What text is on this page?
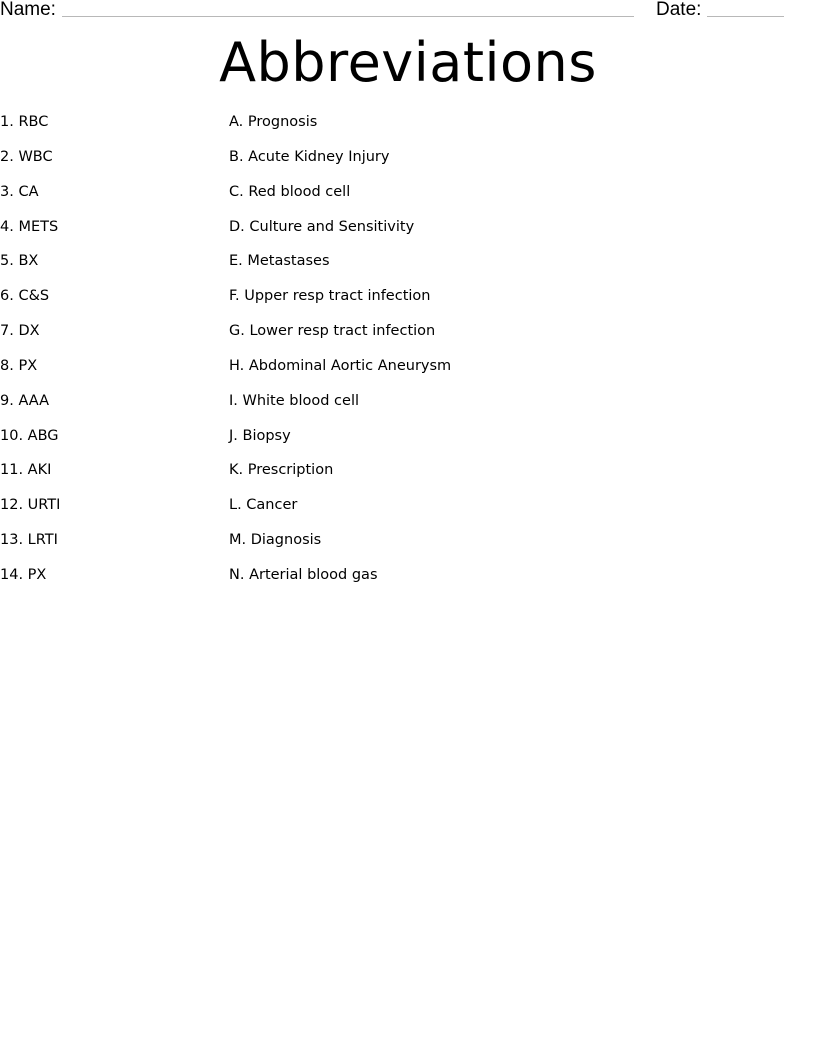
Name:	Date:
Abbreviations
1. RBC
2. WBC
3. CA
4. METS
5. BX
6. C&S
7. DX
8. PX
9. AAA
10. ABG
11. AKI
12. URTI
13. LRTI
14. PX
A. Prognosis
B. Acute Kidney Injury
C. Red blood cell
D. Culture and Sensitivity
E. Metastases
F. Upper resp tract infection
G. Lower resp tract infection
H. Abdominal Aortic Aneurysm
I. White blood cell
J. Biopsy
K. Prescription
L. Cancer
M. Diagnosis
N. Arterial blood gas
